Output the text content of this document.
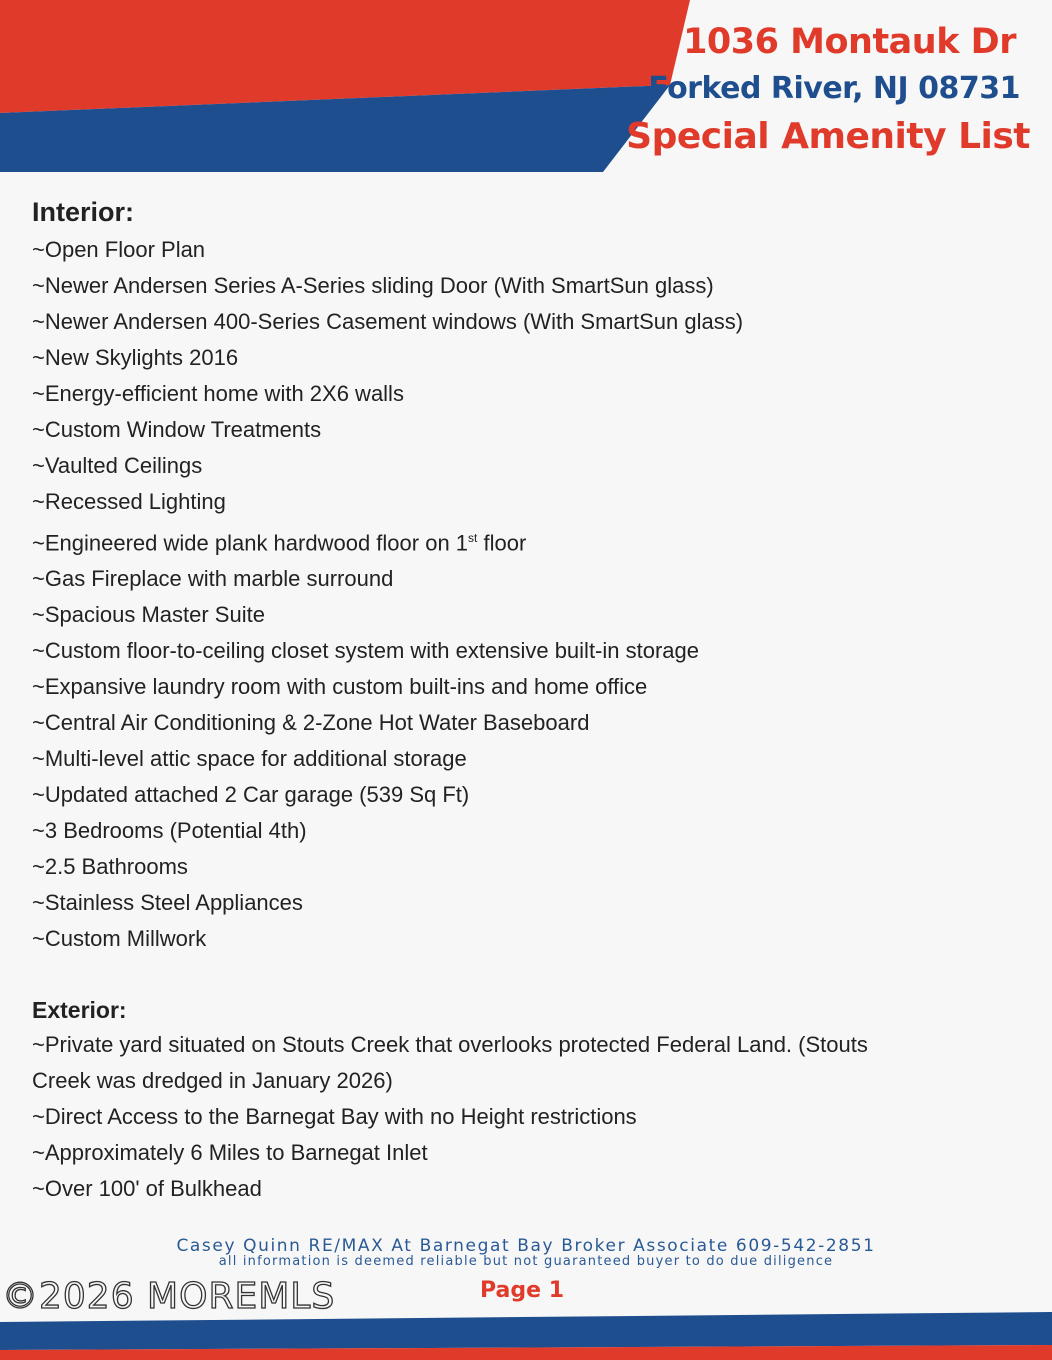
1036 Montauk Dr
Forked River, NJ 08731
Special Amenity List
Interior:
~Open Floor Plan
~Newer Andersen Series A-Series sliding Door (With SmartSun glass)
~Newer Andersen 400-Series Casement windows (With SmartSun glass)
~New Skylights 2016
~Energy-efficient home with 2X6 walls
~Custom Window Treatments
~Vaulted Ceilings
~Recessed Lighting
~Engineered wide plank hardwood floor on 1st floor
~Gas Fireplace with marble surround
~Spacious Master Suite
~Custom floor-to-ceiling closet system with extensive built-in storage
~Expansive laundry room with custom built-ins and home office
~Central Air Conditioning & 2-Zone Hot Water Baseboard
~Multi-level attic space for additional storage
~Updated attached 2 Car garage (539 Sq Ft)
~3 Bedrooms (Potential 4th)
~2.5 Bathrooms
~Stainless Steel Appliances
~Custom Millwork
Exterior:
~Private yard situated on Stouts Creek that overlooks protected Federal Land. (Stouts Creek was dredged in January 2026)
~Direct Access to the Barnegat Bay with no Height restrictions
~Approximately 6 Miles to Barnegat Inlet
~Over 100' of Bulkhead
Casey Quinn RE/MAX At Barnegat Bay Broker Associate 609-542-2851
all information is deemed reliable but not guaranteed buyer to do due diligence
©2026 MOREMLS	Page 1
